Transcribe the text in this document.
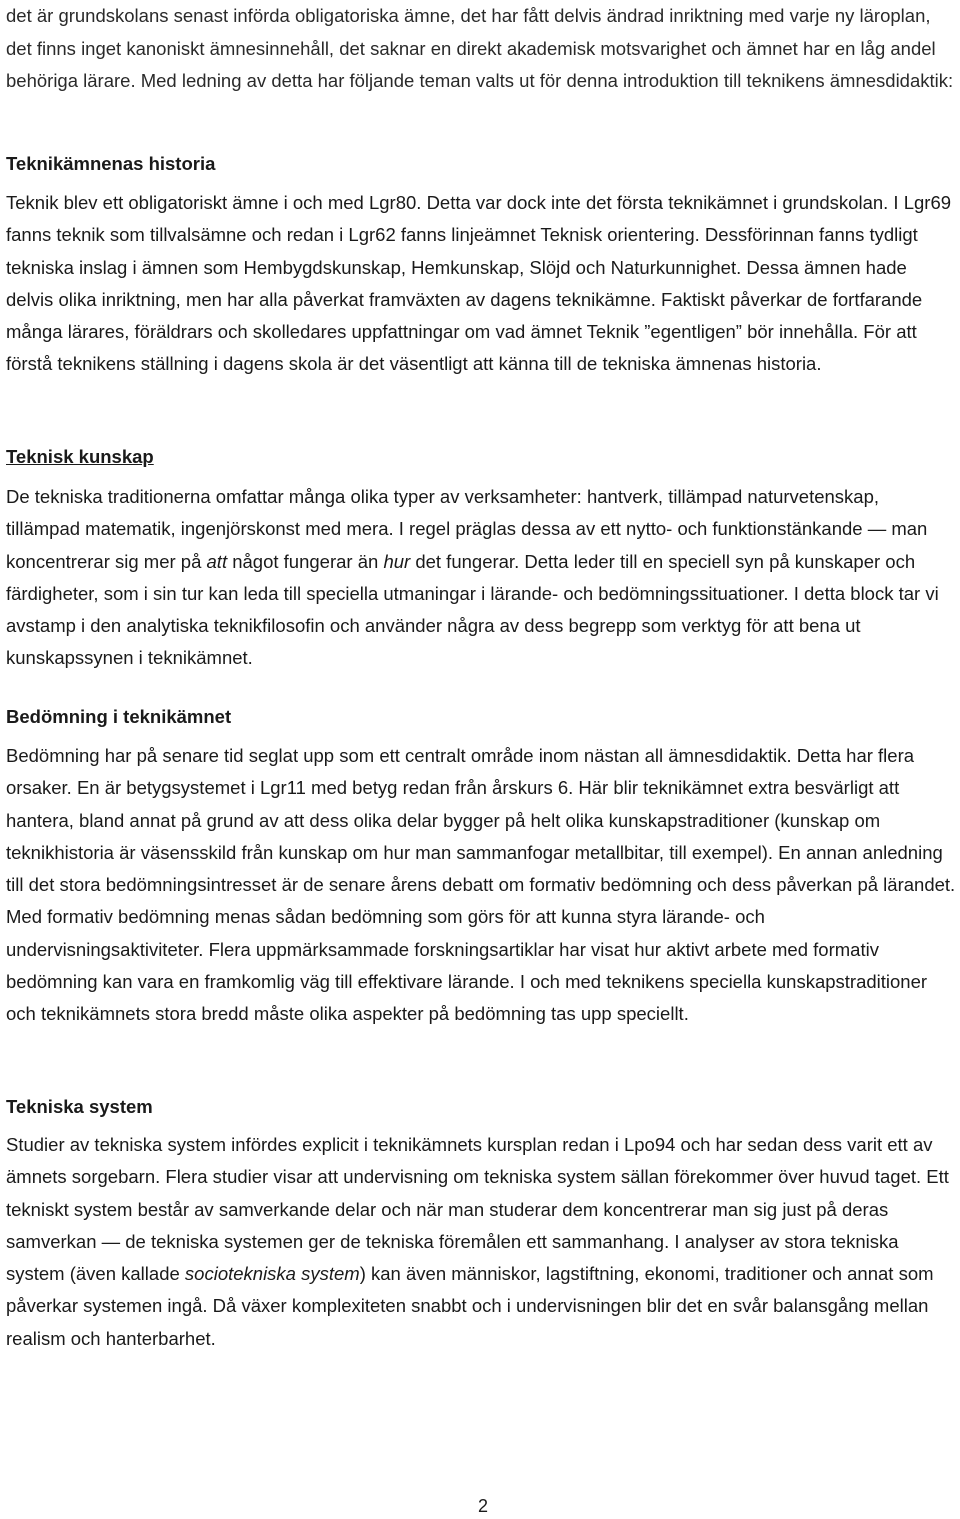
det är grundskolans senast införda obligatoriska ämne, det har fått delvis ändrad inriktning med varje ny läroplan, det finns inget kanoniskt ämnesinnehåll, det saknar en direkt akademisk motsvarighet och ämnet har en låg andel behöriga lärare. Med ledning av detta har följande teman valts ut för denna introduktion till teknikens ämnesdidaktik:

Teknikämnenas historia

Teknik blev ett obligatoriskt ämne i och med Lgr80. Detta var dock inte det första teknikämnet i grundskolan. I Lgr69 fanns teknik som tillvalsämne och redan i Lgr62 fanns linjeämnet Teknisk orientering. Dessförinnan fanns tydligt tekniska inslag i ämnen som Hembygdskunskap, Hemkunskap, Slöjd och Naturkunnighet. Dessa ämnen hade delvis olika inriktning, men har alla påverkat framväxten av dagens teknikämne. Faktiskt påverkar de fortfarande många lärares, föräldrars och skolledares uppfattningar om vad ämnet Teknik ”egentligen” bör innehålla. För att förstå teknikens ställning i dagens skola är det väsentligt att känna till de tekniska ämnenas historia.

Teknisk kunskap

De tekniska traditionerna omfattar många olika typer av verksamheter: hantverk, tillämpad naturvetenskap, tillämpad matematik, ingenjörskonst med mera. I regel präglas dessa av ett nytto- och funktionstänkande — man koncentrerar sig mer på att något fungerar än hur det fungerar. Detta leder till en speciell syn på kunskaper och färdigheter, som i sin tur kan leda till speciella utmaningar i lärande- och bedömningssituationer. I detta block tar vi avstamp i den analytiska teknikfilosofin och använder några av dess begrepp som verktyg för att bena ut kunskapssynen i teknikämnet.

Bedömning i teknikämnet

Bedömning har på senare tid seglat upp som ett centralt område inom nästan all ämnesdidaktik. Detta har flera orsaker. En är betygsystemet i Lgr11 med betyg redan från årskurs 6. Här blir teknikämnet extra besvärligt att hantera, bland annat på grund av att dess olika delar bygger på helt olika kunskapstraditioner (kunskap om teknikhistoria är väsensskild från kunskap om hur man sammanfogar metallbitar, till exempel). En annan anledning till det stora bedömningsintresset är de senare årens debatt om formativ bedömning och dess påverkan på lärandet. Med formativ bedömning menas sådan bedömning som görs för att kunna styra lärande- och undervisningsaktiviteter. Flera uppmärksammade forskningsartiklar har visat hur aktivt arbete med formativ bedömning kan vara en framkomlig väg till effektivare lärande. I och med teknikens speciella kunskapstraditioner och teknikämnets stora bredd måste olika aspekter på bedömning tas upp speciellt.

Tekniska system

Studier av tekniska system infördes explicit i teknikämnets kursplan redan i Lpo94 och har sedan dess varit ett av ämnets sorgebarn. Flera studier visar att undervisning om tekniska system sällan förekommer över huvud taget. Ett tekniskt system består av samverkande delar och när man studerar dem koncentrerar man sig just på deras samverkan — de tekniska systemen ger de tekniska föremålen ett sammanhang. I analyser av stora tekniska system (även kallade sociotekniska system) kan även människor, lagstiftning, ekonomi, traditioner och annat som påverkar systemen ingå. Då växer komplexiteten snabbt och i undervisningen blir det en svår balansgång mellan realism och hanterbarhet.

2
